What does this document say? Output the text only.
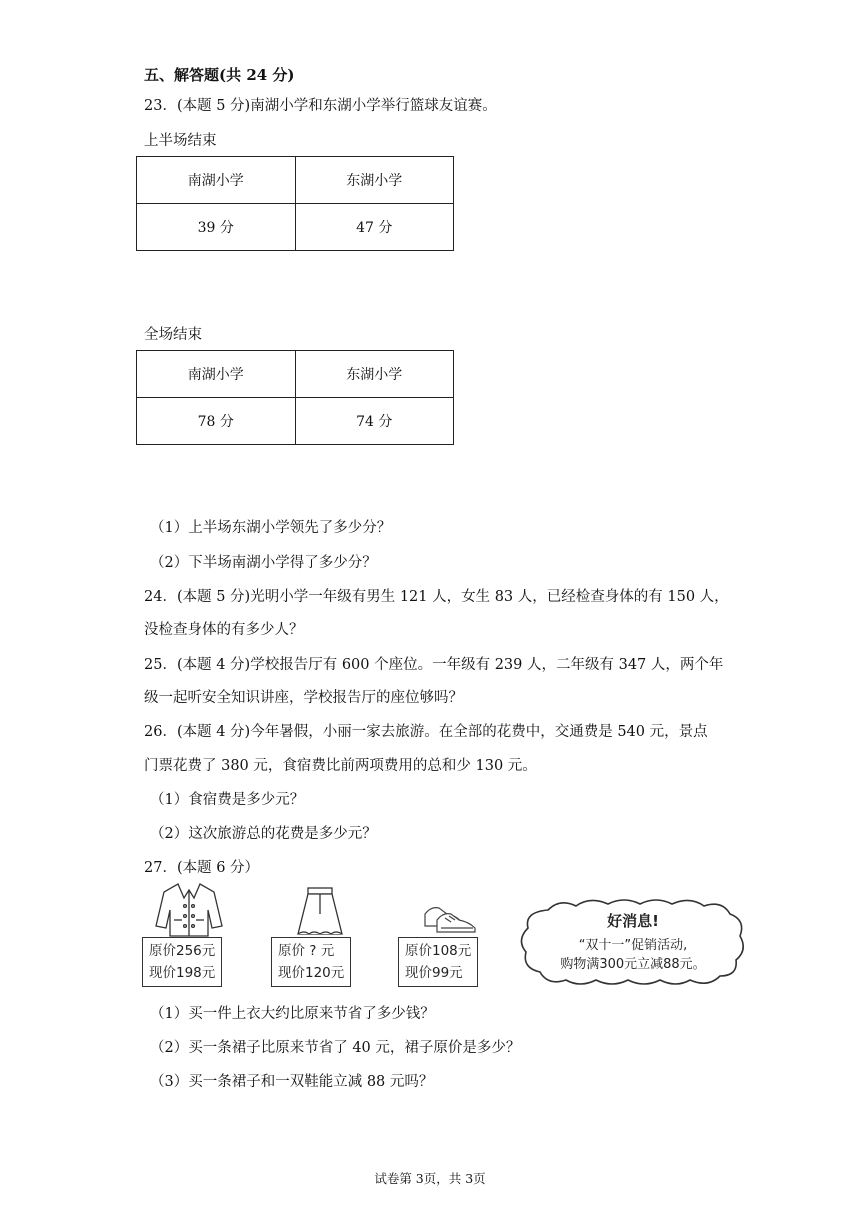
五、解答题(共 24 分)
23．(本题 5 分)南湖小学和东湖小学举行篮球友谊赛。
上半场结束
南湖小学	东湖小学
39 分	47 分
全场结束
南湖小学	东湖小学
78 分	74 分
（1）上半场东湖小学领先了多少分？
（2）下半场南湖小学得了多少分？
24．(本题 5 分)光明小学一年级有男生 121 人，女生 83 人，已经检查身体的有 150 人，
没检查身体的有多少人？
25．(本题 4 分)学校报告厅有 600 个座位。一年级有 239 人，二年级有 347 人，两个年
级一起听安全知识讲座，学校报告厅的座位够吗？
26．(本题 4 分)今年暑假，小丽一家去旅游。在全部的花费中，交通费是 540 元，景点
门票花费了 380 元，食宿费比前两项费用的总和少 130 元。
（1）食宿费是多少元？
（2）这次旅游总的花费是多少元？
27．(本题 6 分）
原价256元
现价198元
原价 ? 元
现价120元
原价108元
现价99元
好消息!
“双十一”促销活动,
购物满300元立减88元。
（1）买一件上衣大约比原来节省了多少钱？
（2）买一条裙子比原来节省了 40 元，裙子原价是多少？
（3）买一条裙子和一双鞋能立减 88 元吗？
试卷第 3页，共 3页
